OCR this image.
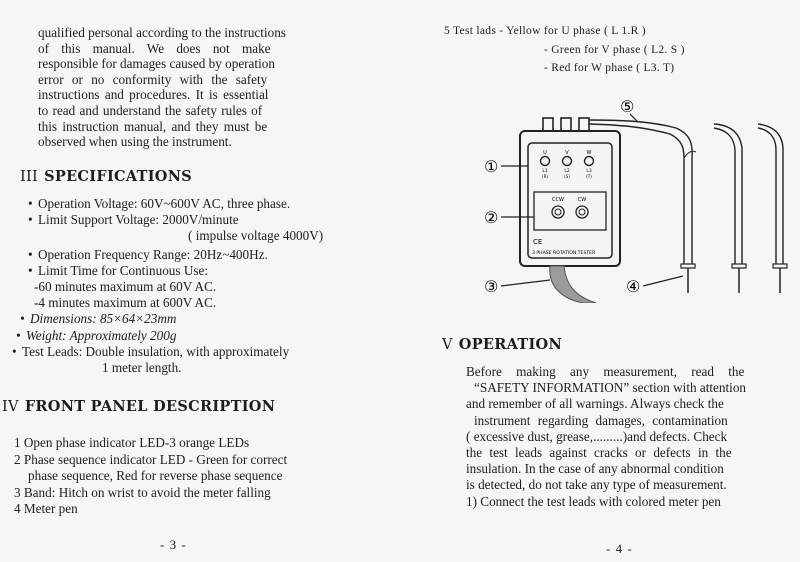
qualified personal according to the instructions
of this manual. We does not make
responsible for damages caused by operation
error or no conformity with the safety
instructions and procedures. It is essential
to read and understand the safety rules of
this instruction manual, and they must be
observed when using the instrument.
III SPECIFICATIONS
• Operation Voltage: 60V~600V AC, three phase.
• Limit Support Voltage: 2000V/minute
( impulse voltage 4000V)
• Operation Frequency Range: 20Hz~400Hz.
• Limit Time for Continuous Use:
-60 minutes maximum at 60V AC.
-4 minutes maximum at 600V AC.
• Dimensions: 85×64×23mm
• Weight: Approximately 200g
• Test Leads: Double insulation, with approximately
1 meter length.
IV FRONT PANEL DESCRIPTION
1 Open phase indicator LED-3 orange LEDs
2 Phase sequence indicator LED - Green for correct
phase sequence, Red for reverse phase sequence
3 Band: Hitch on wrist to avoid the meter falling
4 Meter pen
- 3 -
5 Test lads - Yellow for U phase ( L 1.R )
- Green for V phase ( L2. S )
- Red for W phase ( L3. T)
U	V	W
L1	L2	L3
(R)	(S)	(T)
CCW	CW
CE
3 PHASE ROTATION TESTER
①
②
③	④
⑤
V OPERATION
Before making any measurement, read the
“SAFETY INFORMATION” section with attention
and remember of all warnings. Always check the
instrument regarding damages, contamination
( excessive dust, grease,.........)and defects. Check
the test leads against cracks or defects in the
insulation. In the case of any abnormal condition
is detected, do not take any type of measurement.
1) Connect the test leads with colored meter pen
- 4 -
